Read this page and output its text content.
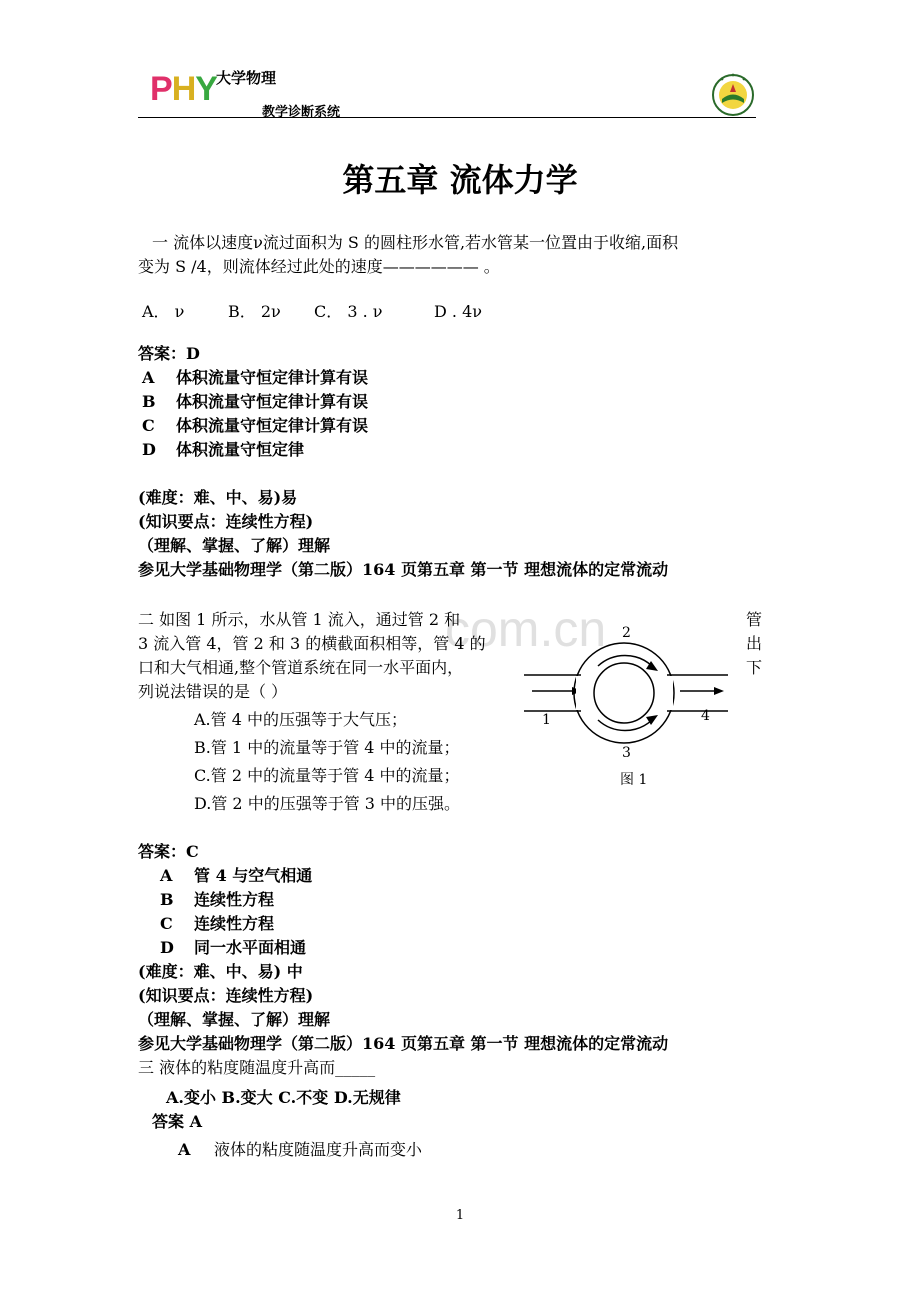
PHY 大学物理
教学诊断系统
第五章 流体力学
一 流体以速度ν流过面积为 S 的圆柱形水管,若水管某一位置由于收缩,面积
变为 S /4，则流体经过此处的速度—————— 。
A． ν	B． 2ν C． 3 . ν	D . 4ν
答案：D
A 体积流量守恒定律计算有误
B 体积流量守恒定律计算有误
C 体积流量守恒定律计算有误
D 体积流量守恒定律
(难度：难、中、易)易
(知识要点：连续性方程)
（理解、掌握、了解）理解
参见大学基础物理学（第二版）164 页第五章 第一节 理想流体的定常流动
com.cn
二 如图 1 所示，水从管 1 流入，通过管 2 和
3 流入管 4，管 2 和 3 的横截面积相等，管 4 的
口和大气相通,整个管道系统在同一水平面内，
列说法错误的是（ ）
管
出
下
A.管 4 中的压强等于大气压；
B.管 1 中的流量等于管 4 中的流量；
C.管 2 中的流量等于管 4 中的流量；
D.管 2 中的压强等于管 3 中的压强。
2
1	4
3
图 1
答案：C
A 管 4 与空气相通
B 连续性方程
C 连续性方程
D 同一水平面相通
(难度：难、中、易) 中
(知识要点：连续性方程)
（理解、掌握、了解）理解
参见大学基础物理学（第二版）164 页第五章 第一节 理想流体的定常流动
三 液体的粘度随温度升高而_____
A.变小 B.变大 C.不变 D.无规律
答案 A
A 液体的粘度随温度升高而变小
1
